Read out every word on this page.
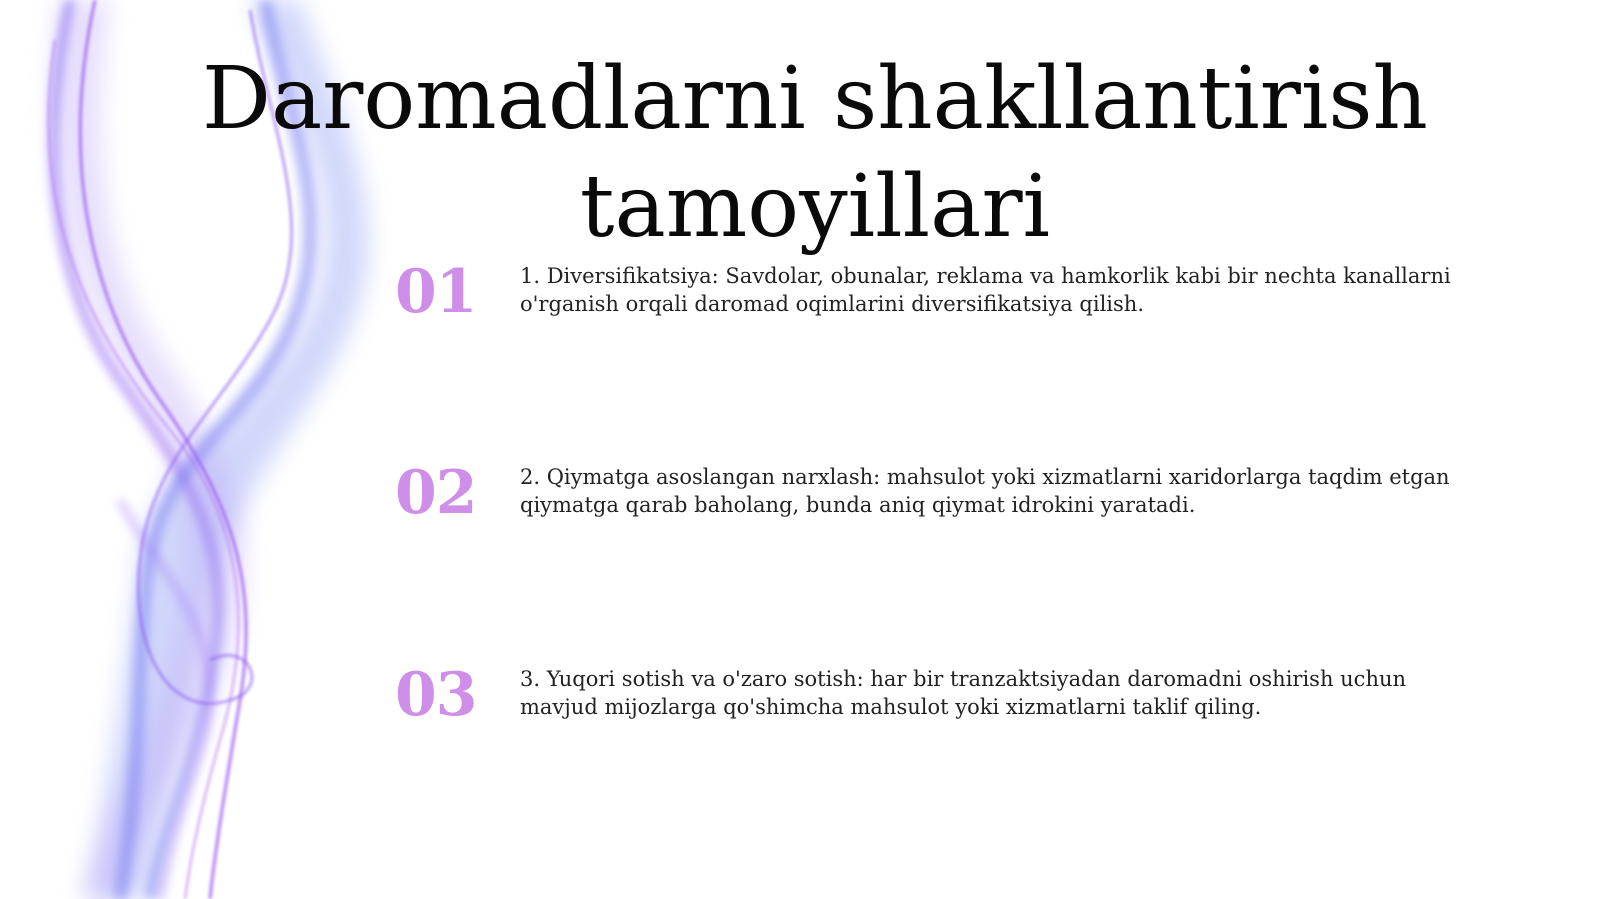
Daromadlarni shakllantirish tamoyillari
01 1. Diversifikatsiya: Savdolar, obunalar, reklama va hamkorlik kabi bir nechta kanallarni o'rganish orqali daromad oqimlarini diversifikatsiya qilish.

02 2. Qiymatga asoslangan narxlash: mahsulot yoki xizmatlarni xaridorlarga taqdim etgan qiymatga qarab baholang, bunda aniq qiymat idrokini yaratadi.

03 3. Yuqori sotish va o'zaro sotish: har bir tranzaktsiyadan daromadni oshirish uchun mavjud mijozlarga qo'shimcha mahsulot yoki xizmatlarni taklif qiling.
